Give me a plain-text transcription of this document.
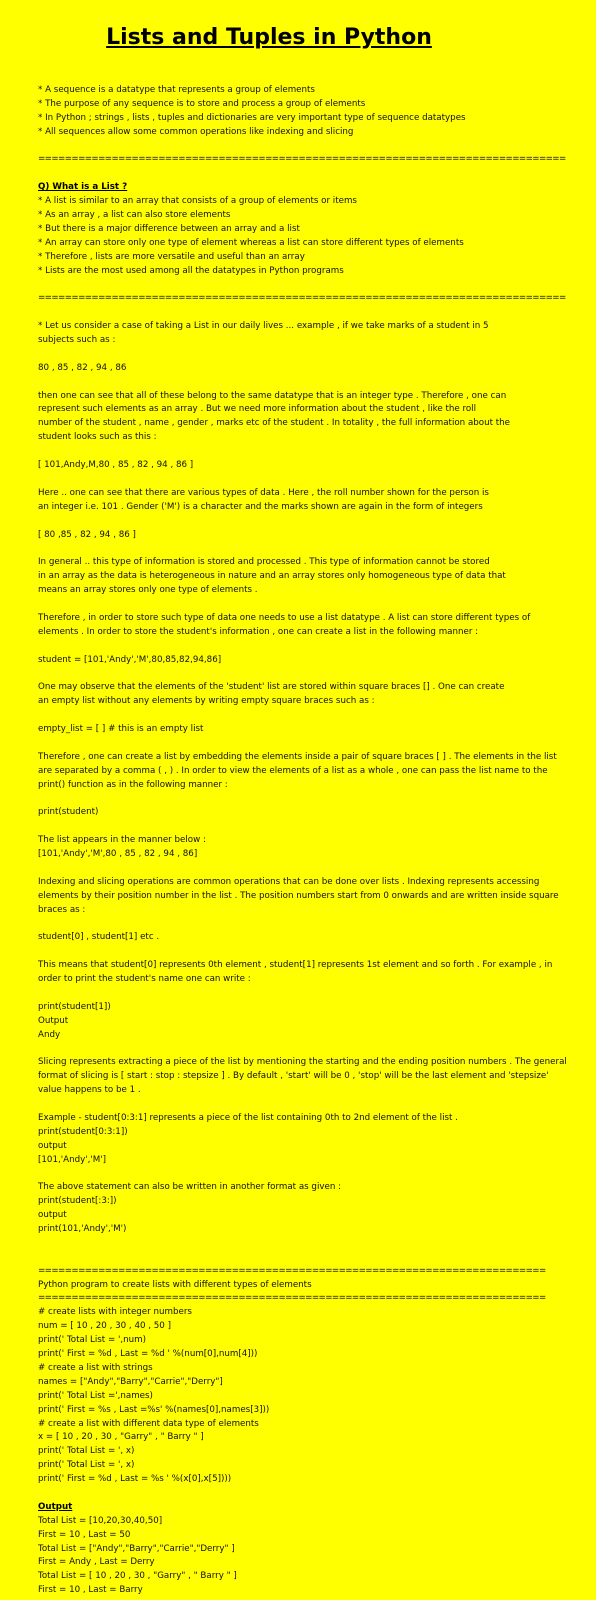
Lists and Tuples in Python
* A sequence is a datatype that represents a group of elements
* The purpose of any sequence is to store and process a group of elements
* In Python ; strings , lists , tuples and dictionaries are very important type of sequence datatypes
* All sequences allow some common operations like indexing and slicing
===============================================================================
Q) What is a List ?
* A list is similar to an array that consists of a group of elements or items
* As an array , a list can also store elements
* But there is a major difference between an array and a list
* An array can store only one type of element whereas a list can store different types of elements
* Therefore , lists are more versatile and useful than an array
* Lists are the most used among all the datatypes in Python programs
===============================================================================
* Let us consider a case of taking a List in our daily lives ... example , if we take marks of a student in 5
subjects such as :
80 , 85 , 82 , 94 , 86
then one can see that all of these belong to the same datatype that is an integer type . Therefore , one can
represent such elements as an array . But we need more information about the student , like the roll
number of the student , name , gender , marks etc of the student . In totality , the full information about the
student looks such as this :
[ 101,Andy,M,80 , 85 , 82 , 94 , 86 ]
Here .. one can see that there are various types of data . Here , the roll number shown for the person is
an integer i.e. 101 . Gender ('M') is a character and the marks shown are again in the form of integers
[ 80 ,85 , 82 , 94 , 86 ]
In general .. this type of information is stored and processed . This type of information cannot be stored
in an array as the data is heterogeneous in nature and an array stores only homogeneous type of data that
means an array stores only one type of elements .
Therefore , in order to store such type of data one needs to use a list datatype . A list can store different types of
elements . In order to store the student's information , one can create a list in the following manner :
student = [101,'Andy','M',80,85,82,94,86]
One may observe that the elements of the 'student' list are stored within square braces [] . One can create
an empty list without any elements by writing empty square braces such as :
empty_list = [ ] # this is an empty list
Therefore , one can create a list by embedding the elements inside a pair of square braces [ ] . The elements in the list
are separated by a comma ( , ) . In order to view the elements of a list as a whole , one can pass the list name to the
print() function as in the following manner :
print(student)
The list appears in the manner below :
[101,'Andy','M',80 , 85 , 82 , 94 , 86]
Indexing and slicing operations are common operations that can be done over lists . Indexing represents accessing
elements by their position number in the list . The position numbers start from 0 onwards and are written inside square
braces as :
student[0] , student[1] etc .
This means that student[0] represents 0th element , student[1] represents 1st element and so forth . For example , in
order to print the student's name one can write :
print(student[1])
Output
Andy
Slicing represents extracting a piece of the list by mentioning the starting and the ending position numbers . The general
format of slicing is [ start : stop : stepsize ] . By default , 'start' will be 0 , 'stop' will be the last element and 'stepsize'
value happens to be 1 .
Example - student[0:3:1] represents a piece of the list containing 0th to 2nd element of the list .
print(student[0:3:1])
output
[101,'Andy','M']
The above statement can also be written in another format as given :
print(student[:3:])
output
print(101,'Andy','M')
============================================================================
Python program to create lists with different types of elements
============================================================================
# create lists with integer numbers
num = [ 10 , 20 , 30 , 40 , 50 ]
print(' Total List = ',num)
print(' First = %d , Last = %d ' %(num[0],num[4]))
# create a list with strings
names = ["Andy","Barry","Carrie","Derry"]
print(' Total List =',names)
print(' First = %s , Last =%s' %(names[0],names[3]))
# create a list with different data type of elements
x = [ 10 , 20 , 30 , "Garry" , " Barry " ]
print(' Total List = ', x)
print(' Total List = ', x)
print(' First = %d , Last = %s ' %(x[0],x[5])))
Output
Total List = [10,20,30,40,50]
First = 10 , Last = 50
Total List = ["Andy","Barry","Carrie","Derry" ]
First = Andy , Last = Derry
Total List = [ 10 , 20 , 30 , "Garry" , " Barry " ]
First = 10 , Last = Barry
